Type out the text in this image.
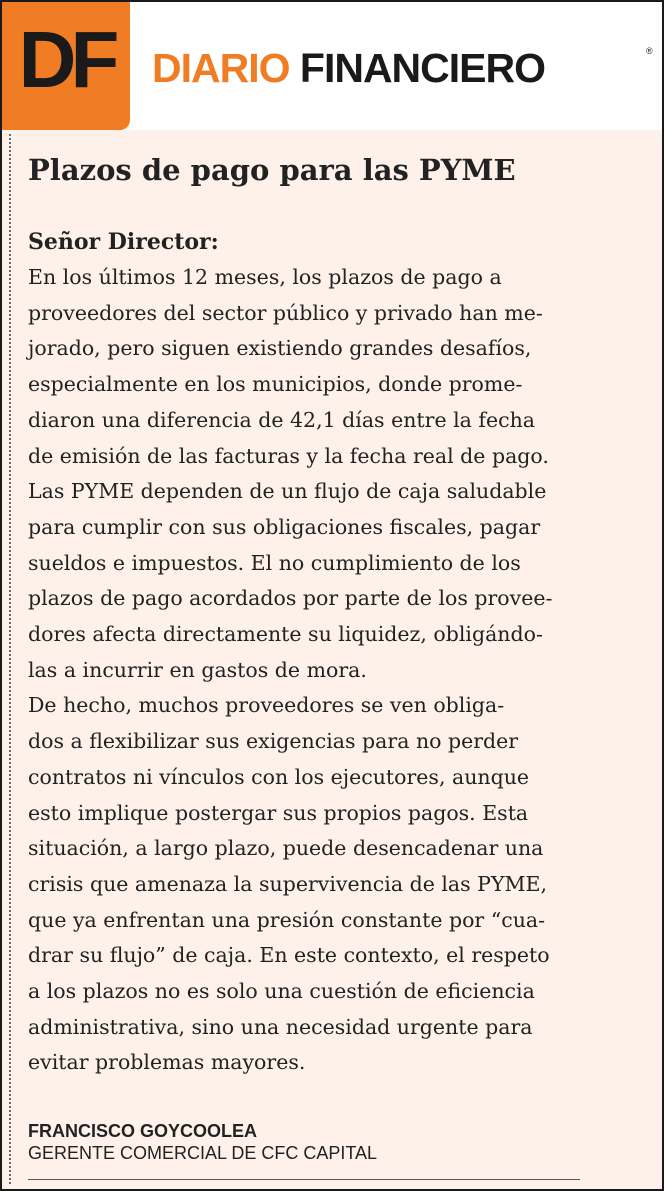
DF DIARIO FINANCIERO	®
Plazos de pago para las PYME
Señor Director:
En los últimos 12 meses, los plazos de pago a
proveedores del sector público y privado han me-
jorado, pero siguen existiendo grandes desafíos,
especialmente en los municipios, donde prome-
diaron una diferencia de 42,1 días entre la fecha
de emisión de las facturas y la fecha real de pago.
Las PYME dependen de un flujo de caja saludable
para cumplir con sus obligaciones fiscales, pagar
sueldos e impuestos. El no cumplimiento de los
plazos de pago acordados por parte de los provee-
dores afecta directamente su liquidez, obligándo-
las a incurrir en gastos de mora.
De hecho, muchos proveedores se ven obliga-
dos a flexibilizar sus exigencias para no perder
contratos ni vínculos con los ejecutores, aunque
esto implique postergar sus propios pagos. Esta
situación, a largo plazo, puede desencadenar una
crisis que amenaza la supervivencia de las PYME,
que ya enfrentan una presión constante por “cua-
drar su flujo” de caja. En este contexto, el respeto
a los plazos no es solo una cuestión de eficiencia
administrativa, sino una necesidad urgente para
evitar problemas mayores.
FRANCISCO GOYCOOLEA
GERENTE COMERCIAL DE CFC CAPITAL
